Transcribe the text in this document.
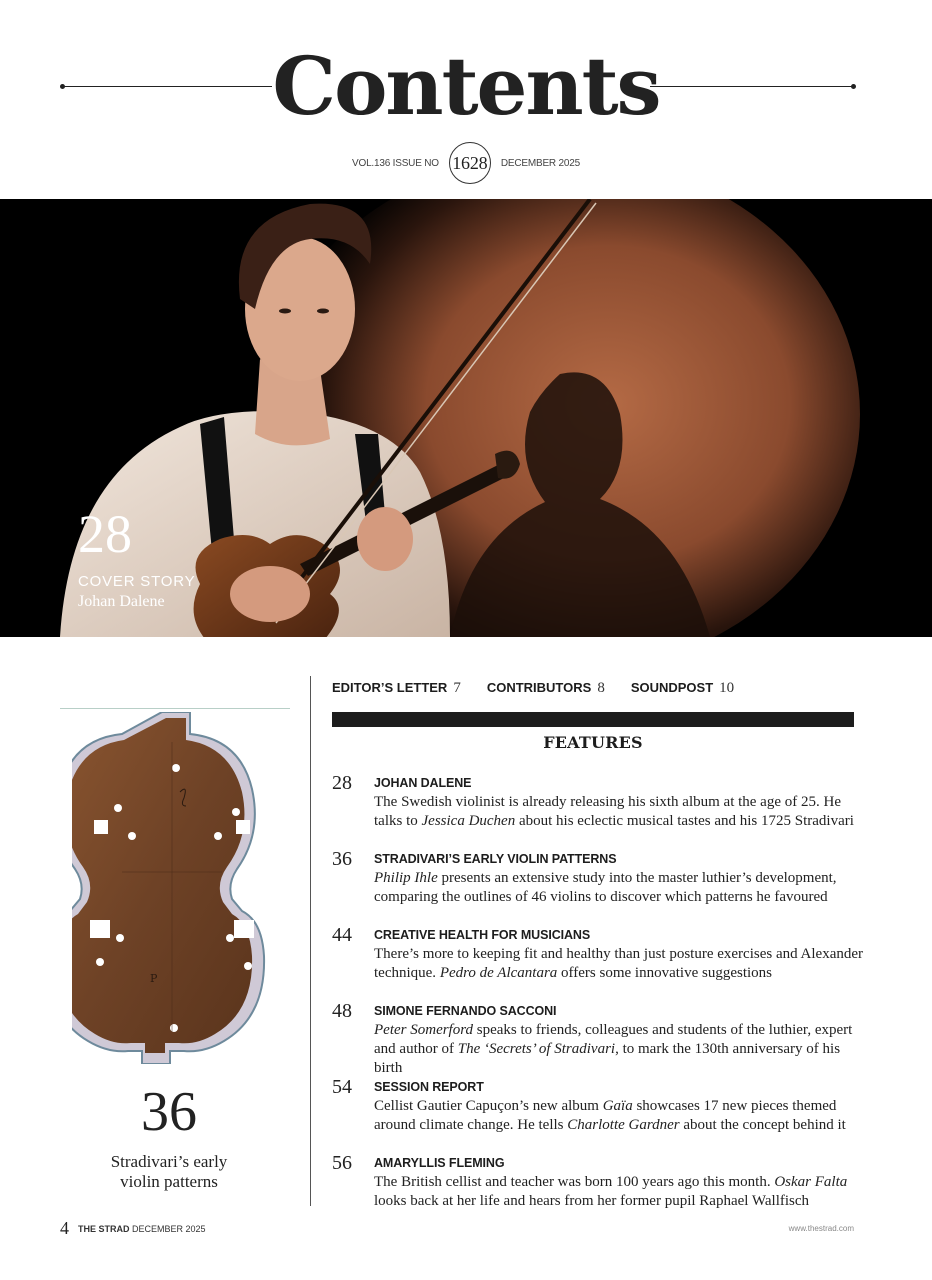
Contents
VOL.136 ISSUE NO 1628	DECEMBER 2025
28
COVER STORY
Johan Dalene
P
36
Stradivari’s early
violin patterns
EDITOR’S LETTER 7 CONTRIBUTORS 8 SOUNDPOST 10
FEATURES
28 JOHAN DALENE
The Swedish violinist is already releasing his sixth album at the age of 25. He talks to Jessica Duchen about his eclectic musical tastes and his 1725 Stradivari
36 STRADIVARI’S EARLY VIOLIN PATTERNS
Philip Ihle presents an extensive study into the master luthier’s development, comparing the outlines of 46 violins to discover which patterns he favoured
44 CREATIVE HEALTH FOR MUSICIANS
There’s more to keeping fit and healthy than just posture exercises and Alexander technique. Pedro de Alcantara offers some innovative suggestions
48 SIMONE FERNANDO SACCONI
Peter Somerford speaks to friends, colleagues and students of the luthier, expert and author of The ‘Secrets’ of Stradivari, to mark the 130th anniversary of his birth
54 SESSION REPORT
Cellist Gautier Capuçon’s new album Gaïa showcases 17 new pieces themed around climate change. He tells Charlotte Gardner about the concept behind it
56 AMARYLLIS FLEMING
The British cellist and teacher was born 100 years ago this month. Oskar Falta looks back at her life and hears from her former pupil Raphael Wallfisch
4 THE STRAD DECEMBER 2025	www.thestrad.com
